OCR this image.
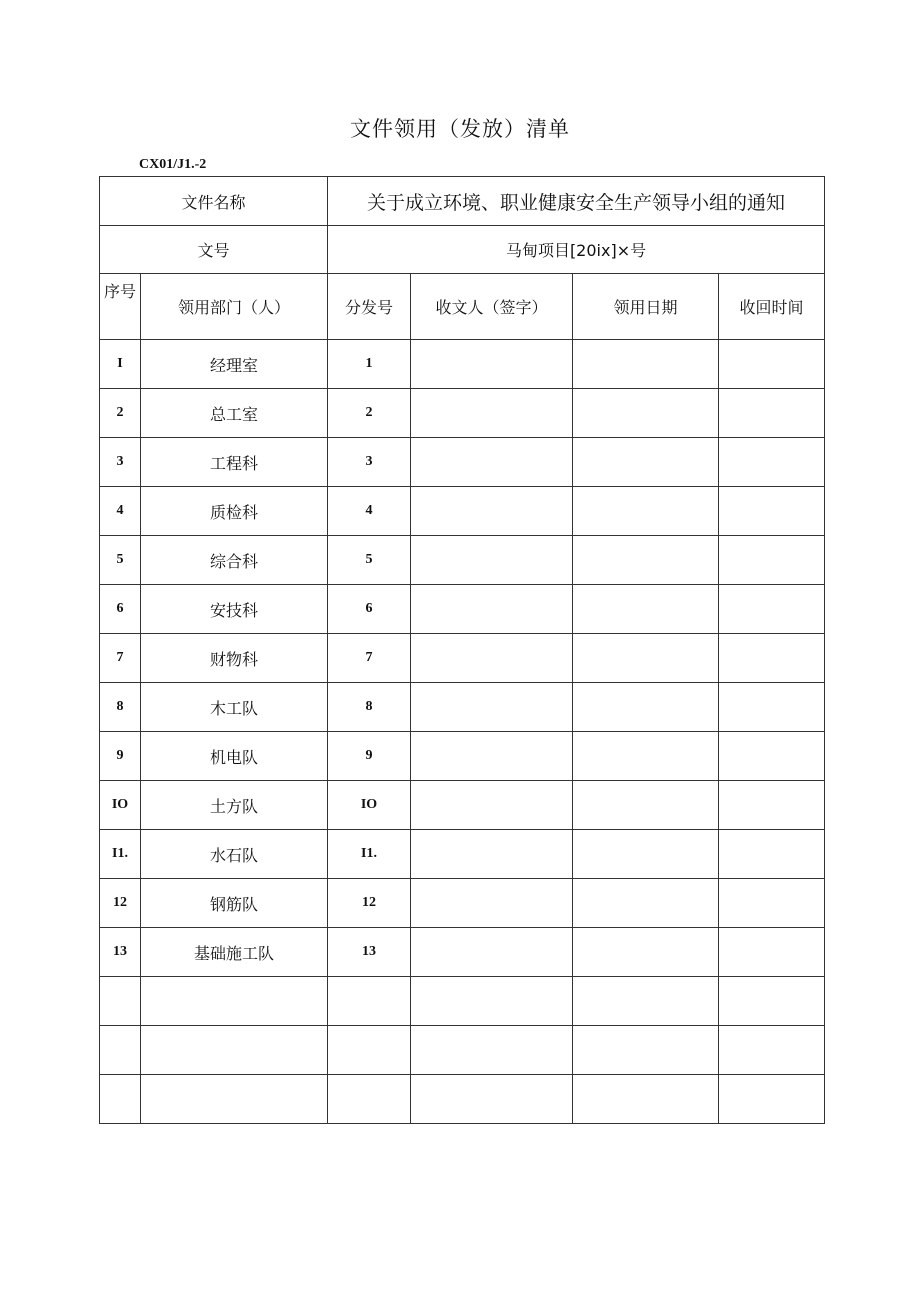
文件领用（发放）清单
CX01/J1.-2
文件名称		关于成立环境、职业健康安全生产领导小组的通知			
文号		马甸项目[20ix]×号			
序号	领用部门（人）	分发号	收文人（签字）	领用日期	收回时间
I	经理室	1			
2	总工室	2			
3	工程科	3			
4	质检科	4			
5	综合科	5			
6	安技科	6			
7	财物科	7			
8	木工队	8			
9	机电队	9			
IO	土方队	IO			
I1.	水石队	I1.			
12	钢筋队	12			
13	基础施工队	13			
